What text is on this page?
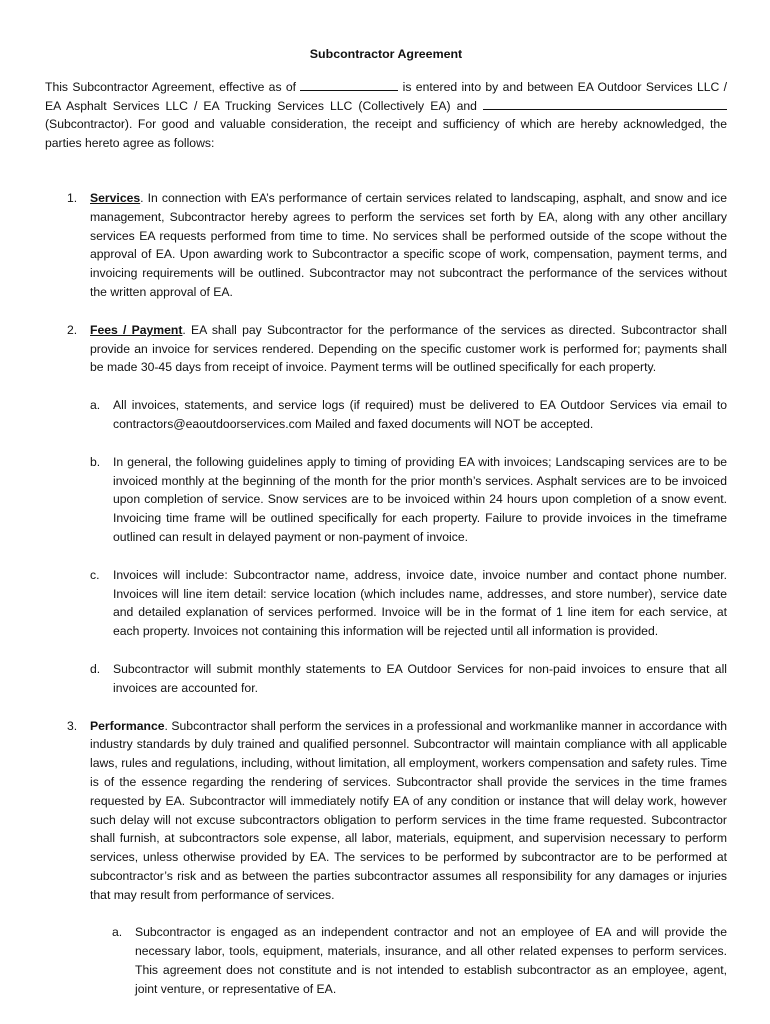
Subcontractor Agreement

This Subcontractor Agreement, effective as of	is entered into by and between EA Outdoor Services LLC / EA Asphalt Services LLC / EA Trucking Services LLC (Collectively EA) and  (Subcontractor). For good and valuable consideration, the receipt and sufficiency of which are hereby acknowledged, the parties hereto agree as follows:

1. Services. In connection with EA’s performance of certain services related to landscaping, asphalt, and snow and ice management, Subcontractor hereby agrees to perform the services set forth by EA, along with any other ancillary services EA requests performed from time to time. No services shall be performed outside of the scope without the approval of EA. Upon awarding work to Subcontractor a specific scope of work, compensation, payment terms, and invoicing requirements will be outlined. Subcontractor may not subcontract the performance of the services without the written approval of EA.
2. Fees / Payment. EA shall pay Subcontractor for the performance of the services as directed. Subcontractor shall provide an invoice for services rendered. Depending on the specific customer work is performed for; payments shall be made 30-45 days from receipt of invoice. Payment terms will be outlined specifically for each property.
a. All invoices, statements, and service logs (if required) must be delivered to EA Outdoor Services via email to contractors@eaoutdoorservices.com Mailed and faxed documents will NOT be accepted.
b. In general, the following guidelines apply to timing of providing EA with invoices; Landscaping services are to be invoiced monthly at the beginning of the month for the prior month’s services. Asphalt services are to be invoiced upon completion of service. Snow services are to be invoiced within 24 hours upon completion of a snow event. Invoicing time frame will be outlined specifically for each property. Failure to provide invoices in the timeframe outlined can result in delayed payment or non-payment of invoice.
c. Invoices will include: Subcontractor name, address, invoice date, invoice number and contact phone number. Invoices will line item detail: service location (which includes name, addresses, and store number), service date and detailed explanation of services performed. Invoice will be in the format of 1 line item for each service, at each property. Invoices not containing this information will be rejected until all information is provided.
d. Subcontractor will submit monthly statements to EA Outdoor Services for non-paid invoices to ensure that all invoices are accounted for.
3. Performance. Subcontractor shall perform the services in a professional and workmanlike manner in accordance with industry standards by duly trained and qualified personnel. Subcontractor will maintain compliance with all applicable laws, rules and regulations, including, without limitation, all employment, workers compensation and safety rules. Time is of the essence regarding the rendering of services. Subcontractor shall provide the services in the time frames requested by EA. Subcontractor will immediately notify EA of any condition or instance that will delay work, however such delay will not excuse subcontractors obligation to perform services in the time frame requested. Subcontractor shall furnish, at subcontractors sole expense, all labor, materials, equipment, and supervision necessary to perform services, unless otherwise provided by EA. The services to be performed by subcontractor are to be performed at subcontractor’s risk and as between the parties subcontractor assumes all responsibility for any damages or injuries that may result from performance of services.
a. Subcontractor is engaged as an independent contractor and not an employee of EA and will provide the necessary labor, tools, equipment, materials, insurance, and all other related expenses to perform services. This agreement does not constitute and is not intended to establish subcontractor as an employee, agent, joint venture, or representative of EA.
